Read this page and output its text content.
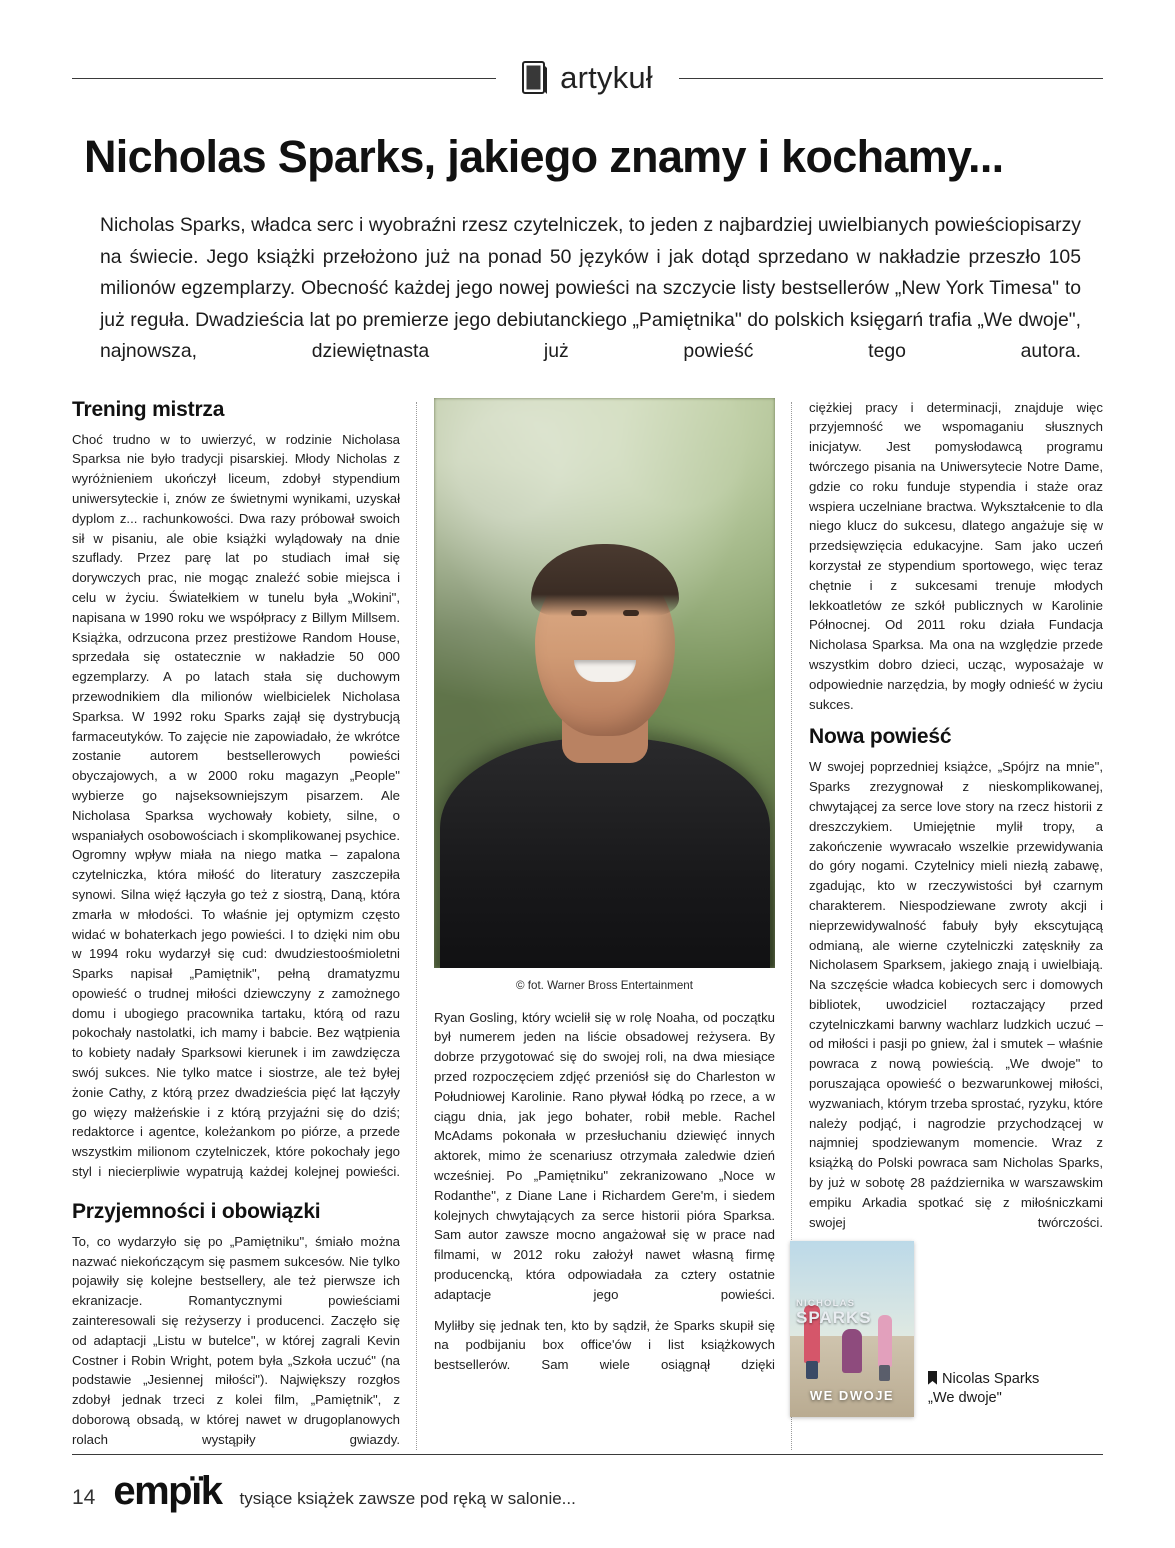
artykuł
Nicholas Sparks, jakiego znamy i kochamy...

Nicholas Sparks, władca serc i wyobraźni rzesz czytelniczek, to jeden z najbardziej uwielbianych powieściopisarzy na świecie. Jego książki przełożono już na ponad 50 języków i jak dotąd sprzedano w nakładzie przeszło 105 milionów egzemplarzy. Obecność każdej jego nowej powieści na szczycie listy bestsellerów „New York Timesa" to już reguła. Dwadzieścia lat po premierze jego debiutanckiego „Pamiętnika" do polskich księgarń trafia „We dwoje", najnowsza, dziewiętnasta już powieść tego autora.

Trening mistrza

Choć trudno w to uwierzyć, w rodzinie Nicholasa Sparksa nie było tradycji pisarskiej. Młody Nicholas z wyróżnieniem ukończył liceum, zdobył stypendium uniwersyteckie i, znów ze świetnymi wynikami, uzyskał dyplom z... rachunkowości. Dwa razy próbował swoich sił w pisaniu, ale obie książki wylądowały na dnie szuflady. Przez parę lat po studiach imał się dorywczych prac, nie mogąc znaleźć sobie miejsca i celu w życiu. Światełkiem w tunelu była „Wokini", napisana w 1990 roku we współpracy z Billym Millsem. Książka, odrzucona przez prestiżowe Random House, sprzedała się ostatecznie w nakładzie 50 000 egzemplarzy. A po latach stała się duchowym przewodnikiem dla milionów wielbicielek Nicholasa Sparksa. W 1992 roku Sparks zajął się dystrybucją farmaceutyków. To zajęcie nie zapowiadało, że wkrótce zostanie autorem bestsellerowych powieści obyczajowych, a w 2000 roku magazyn „People" wybierze go najseksowniejszym pisarzem. Ale Nicholasa Sparksa wychowały kobiety, silne, o wspaniałych osobowościach i skomplikowanej psychice. Ogromny wpływ miała na niego matka – zapalona czytelniczka, która miłość do literatury zaszczepiła synowi. Silna więź łączyła go też z siostrą, Daną, która zmarła w młodości. To właśnie jej optymizm często widać w bohaterkach jego powieści. I to dzięki nim obu w 1994 roku wydarzył się cud: dwudziestoośmioletni Sparks napisał „Pamiętnik", pełną dramatyzmu opowieść o trudnej miłości dziewczyny z zamożnego domu i ubogiego pracownika tartaku, którą od razu pokochały nastolatki, ich mamy i babcie. Bez wątpienia to kobiety nadały Sparksowi kierunek i im zawdzięcza swój sukces. Nie tylko matce i siostrze, ale też byłej żonie Cathy, z którą przez dwadzieścia pięć lat łączyły go więzy małżeńskie i z którą przyjaźni się do dziś; redaktorce i agentce, koleżankom po piórze, a przede wszystkim milionom czytelniczek, które pokochały jego styl i niecierpliwie wypatrują każdej kolejnej powieści.

Przyjemności i obowiązki

To, co wydarzyło się po „Pamiętniku", śmiało można nazwać niekończącym się pasmem sukcesów. Nie tylko pojawiły się kolejne bestsellery, ale też pierwsze ich ekranizacje. Romantycznymi powieściami zainteresowali się reżyserzy i producenci. Zaczęło się od adaptacji „Listu w butelce", w której zagrali Kevin Costner i Robin Wright, potem była „Szkoła uczuć" (na podstawie „Jesiennej miłości"). Największy rozgłos zdobył jednak trzeci z kolei film, „Pamiętnik", z doborową obsadą, w której nawet w drugoplanowych rolach wystąpiły gwiazdy.

© fot. Warner Bross Entertainment

Ryan Gosling, który wcielił się w rolę Noaha, od początku był numerem jeden na liście obsadowej reżysera. By dobrze przygotować się do swojej roli, na dwa miesiące przed rozpoczęciem zdjęć przeniósł się do Charleston w Południowej Karolinie. Rano pływał łódką po rzece, a w ciągu dnia, jak jego bohater, robił meble. Rachel McAdams pokonała w przesłuchaniu dziewięć innych aktorek, mimo że scenariusz otrzymała zaledwie dzień wcześniej. Po „Pamiętniku" zekranizowano „Noce w Rodanthe", z Diane Lane i Richardem Gere'm, i siedem kolejnych chwytających za serce historii pióra Sparksa. Sam autor zawsze mocno angażował się w prace nad filmami, w 2012 roku założył nawet własną firmę producencką, która odpowiadała za cztery ostatnie adaptacje jego powieści.

Myliłby się jednak ten, kto by sądził, że Sparks skupił się na podbijaniu box office'ów i list książkowych bestsellerów. Sam wiele osiągnął dzięki

ciężkiej pracy i determinacji, znajduje więc przyjemność we wspomaganiu słusznych inicjatyw. Jest pomysłodawcą programu twórczego pisania na Uniwersytecie Notre Dame, gdzie co roku funduje stypendia i staże oraz wspiera uczelniane bractwa. Wykształcenie to dla niego klucz do sukcesu, dlatego angażuje się w przedsięwzięcia edukacyjne. Sam jako uczeń korzystał ze stypendium sportowego, więc teraz chętnie i z sukcesami trenuje młodych lekkoatletów ze szkół publicznych w Karolinie Północnej. Od 2011 roku działa Fundacja Nicholasa Sparksa. Ma ona na względzie przede wszystkim dobro dzieci, ucząc, wyposażaje w odpowiednie narzędzia, by mogły odnieść w życiu sukces.

Nowa powieść

W swojej poprzedniej książce, „Spójrz na mnie", Sparks zrezygnował z nieskomplikowanej, chwytającej za serce love story na rzecz historii z dreszczykiem. Umiejętnie mylił tropy, a zakończenie wywracało wszelkie przewidywania do góry nogami. Czytelnicy mieli niezłą zabawę, zgadując, kto w rzeczywistości był czarnym charakterem. Niespodziewane zwroty akcji i nieprzewidywalność fabuły były ekscytującą odmianą, ale wierne czytelniczki zatęskniły za Nicholasem Sparksem, jakiego znają i uwielbiają. Na szczęście władca kobiecych serc i domowych bibliotek, uwodziciel roztaczający przed czytelniczkami barwny wachlarz ludzkich uczuć – od miłości i pasji po gniew, żal i smutek – właśnie powraca z nową powieścią. „We dwoje" to poruszająca opowieść o bezwarunkowej miłości, wyzwaniach, którym trzeba sprostać, ryzyku, które należy podjąć, i nagrodzie przychodzącej w najmniej spodziewanym momencie. Wraz z książką do Polski powraca sam Nicholas Sparks, by już w sobotę 28 października w warszawskim empiku Arkadia spotkać się z miłośniczkami swojej twórczości.

NICHOLAS
SPARKS
WE DWOJE
Nicolas Sparks
„We dwoje"
14 empïk tysiące książek zawsze pod ręką w salonie...
